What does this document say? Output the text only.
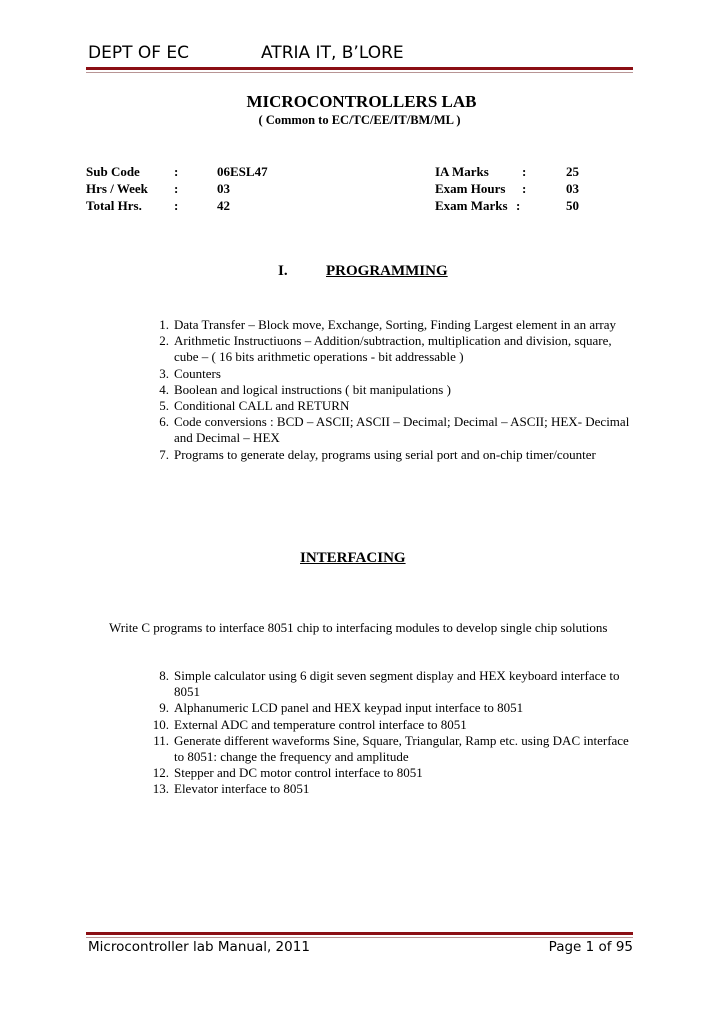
DEPT OF EC	ATRIA IT, B’LORE
MICROCONTROLLERS LAB
( Common to EC/TC/EE/IT/BM/ML )
Sub Code	:	06ESL47
Hrs / Week :	03
Total Hrs. :	42
IA Marks	:	25
Exam Hours :	03
Exam Marks :	50
I.	PROGRAMMING
1. Data Transfer – Block move, Exchange, Sorting, Finding Largest element in an array
2. Arithmetic Instructiuons – Addition/subtraction, multiplication and division, square, cube – ( 16 bits arithmetic operations - bit addressable )
3. Counters
4. Boolean and logical instructions ( bit manipulations )
5. Conditional CALL and RETURN
6. Code conversions : BCD – ASCII; ASCII – Decimal; Decimal – ASCII; HEX- Decimal and Decimal – HEX
7. Programs to generate delay, programs using serial port and on-chip timer/counter
INTERFACING
Write C programs to interface 8051 chip to interfacing modules to develop single chip solutions
8. Simple calculator using 6 digit seven segment display and HEX keyboard interface to 8051
9. Alphanumeric LCD panel and HEX keypad input interface to 8051
10. External ADC and temperature control interface to 8051
11. Generate different waveforms Sine, Square, Triangular, Ramp etc. using DAC interface to 8051: change the frequency and amplitude
12. Stepper and DC motor control interface to 8051
13. Elevator interface to 8051
Microcontroller lab Manual, 2011	Page 1 of 95
